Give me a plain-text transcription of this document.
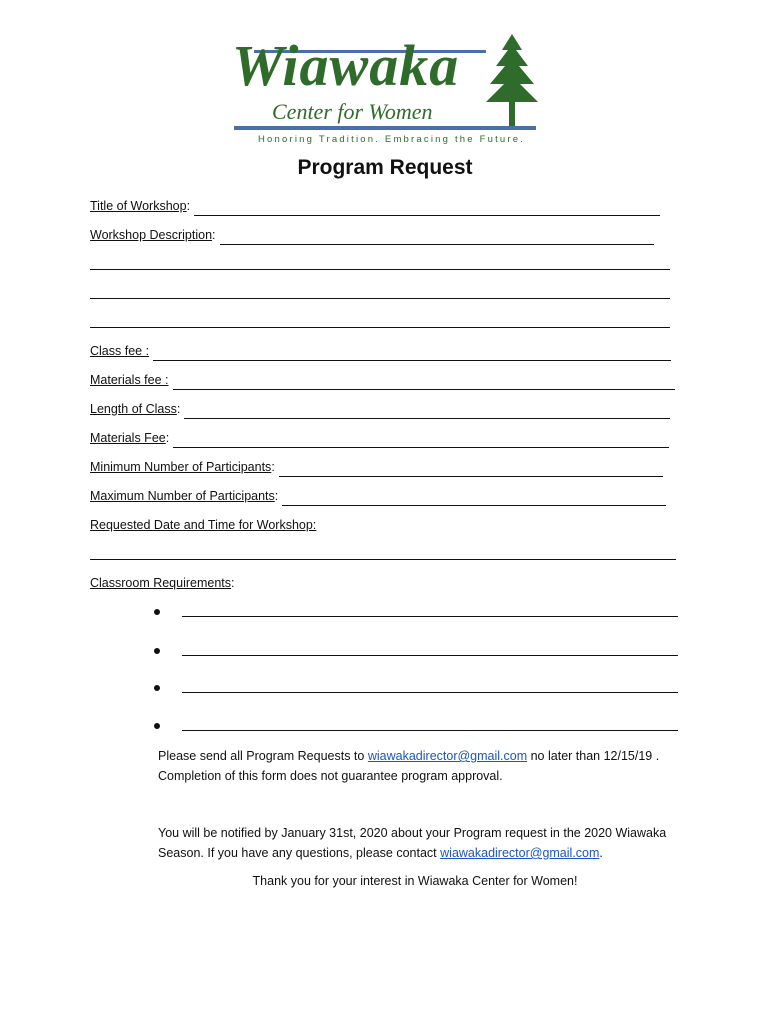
Wiawaka
Center for Women
Honoring Tradition. Embracing the Future.
Program Request
Title of Workshop :
Workshop Description :
Class fee :
Materials fee :
Length of Class :
Materials Fee :
Minimum Number of Participants :
Maximum Number of Participants :
Requested Date and Time for Workshop:
Classroom Requirements :
Please send all Program Requests to wiawakadirector@gmail.com no later than 12/15/19 .
Completion of this form does not guarantee program approval.
You will be notified by January 31st, 2020 about your Program request in the 2020 Wiawaka Season. If you have any questions, please contact wiawakadirector@gmail.com.
Thank you for your interest in Wiawaka Center for Women!
